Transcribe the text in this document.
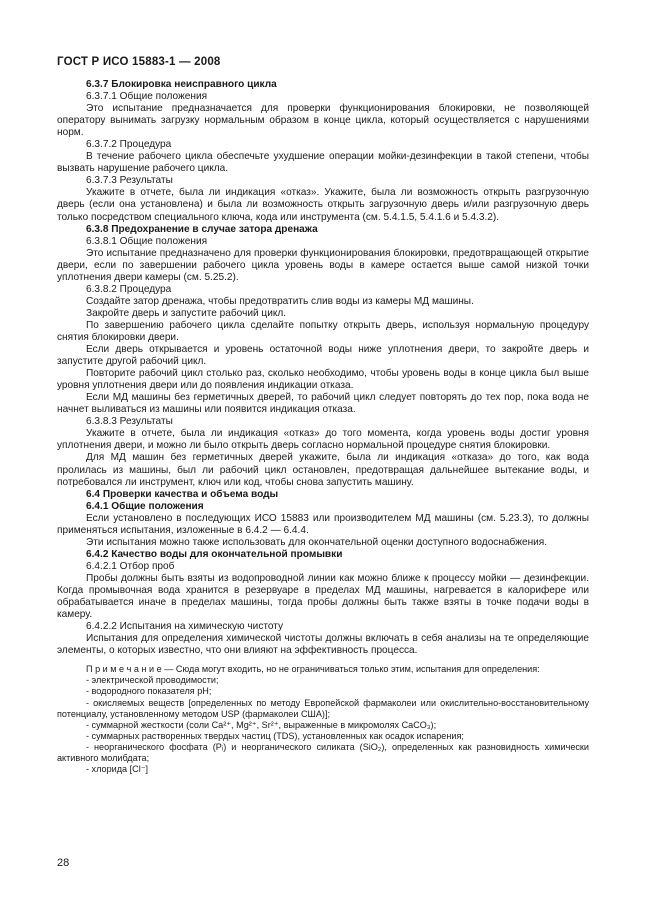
ГОСТ Р ИСО 15883-1 — 2008

6.3.7 Блокировка неисправного цикла

6.3.7.1 Общие положения

Это испытание предназначается для проверки функционирования блокировки, не позволяющей оператору вынимать загрузку нормальным образом в конце цикла, который осуществляется с нарушениями норм.

6.3.7.2 Процедура

В течение рабочего цикла обеспечьте ухудшение операции мойки-дезинфекции в такой степени, чтобы вызвать нарушение рабочего цикла.

6.3.7.3 Результаты

Укажите в отчете, была ли индикация «отказ». Укажите, была ли возможность открыть разгрузочную дверь (если она установлена) и была ли возможность открыть загрузочную дверь и/или разгрузочную дверь только посредством специального ключа, кода или инструмента (см. 5.4.1.5, 5.4.1.6 и 5.4.3.2).

6.3.8 Предохранение в случае затора дренажа

6.3.8.1 Общие положения

Это испытание предназначено для проверки функционирования блокировки, предотвращающей открытие двери, если по завершении рабочего цикла уровень воды в камере остается выше самой низкой точки уплотнения двери камеры (см. 5.25.2).

6.3.8.2 Процедура

Создайте затор дренажа, чтобы предотвратить слив воды из камеры МД машины.

Закройте дверь и запустите рабочий цикл.

По завершению рабочего цикла сделайте попытку открыть дверь, используя нормальную процедуру снятия блокировки двери.

Если дверь открывается и уровень остаточной воды ниже уплотнения двери, то закройте дверь и запустите другой рабочий цикл.

Повторите рабочий цикл столько раз, сколько необходимо, чтобы уровень воды в конце цикла был выше уровня уплотнения двери или до появления индикации отказа.

Если МД машины без герметичных дверей, то рабочий цикл следует повторять до тех пор, пока вода не начнет выливаться из машины или появится индикация отказа.

6.3.8.3 Результаты

Укажите в отчете, была ли индикация «отказ» до того момента, когда уровень воды достиг уровня уплотнения двери, и можно ли было открыть дверь согласно нормальной процедуре снятия блокировки.

Для МД машин без герметичных дверей укажите, была ли индикация «отказа» до того, как вода пролилась из машины, был ли рабочий цикл остановлен, предотвращая дальнейшее вытекание воды, и потребовался ли инструмент, ключ или код, чтобы снова запустить машину.

6.4 Проверки качества и объема воды

6.4.1 Общие положения

Если установлено в последующих ИСО 15883 или производителем МД машины (см. 5.23.3), то должны применяться испытания, изложенные в 6.4.2 — 6.4.4.

Эти испытания можно также использовать для окончательной оценки доступного водоснабжения.

6.4.2 Качество воды для окончательной промывки

6.4.2.1 Отбор проб

Пробы должны быть взяты из водопроводной линии как можно ближе к процессу мойки — дезинфекции. Когда промывочная вода хранится в резервуаре в пределах МД машины, нагревается в калорифере или обрабатывается иначе в пределах машины, тогда пробы должны быть также взяты в точке подачи воды в камеру.

6.4.2.2 Испытания на химическую чистоту

Испытания для определения химической чистоты должны включать в себя анализы на те определяющие элементы, о которых известно, что они влияют на эффективность процесса.

П р и м е ч а н и е — Сюда могут входить, но не ограничиваться только этим, испытания для определения:

- электрической проводимости;

- водородного показателя pH;

- окисляемых веществ [определенных по методу Европейской фармаколеи или окислительно-восстановительному потенциалу, установленному методом USP (фармаколеи США)];

- суммарной жесткости (соли Ca²⁺, Mg²⁺, Sr²⁺, выраженные в микромолях CaCO₃);

- суммарных растворенных твердых частиц (TDS), установленных как осадок испарения;

- неорганического фосфата (Pᵢ) и неорганического силиката (SiO₂), определенных как разновидность химически активного молибдата;

- хлорида [Cl⁻]

28
